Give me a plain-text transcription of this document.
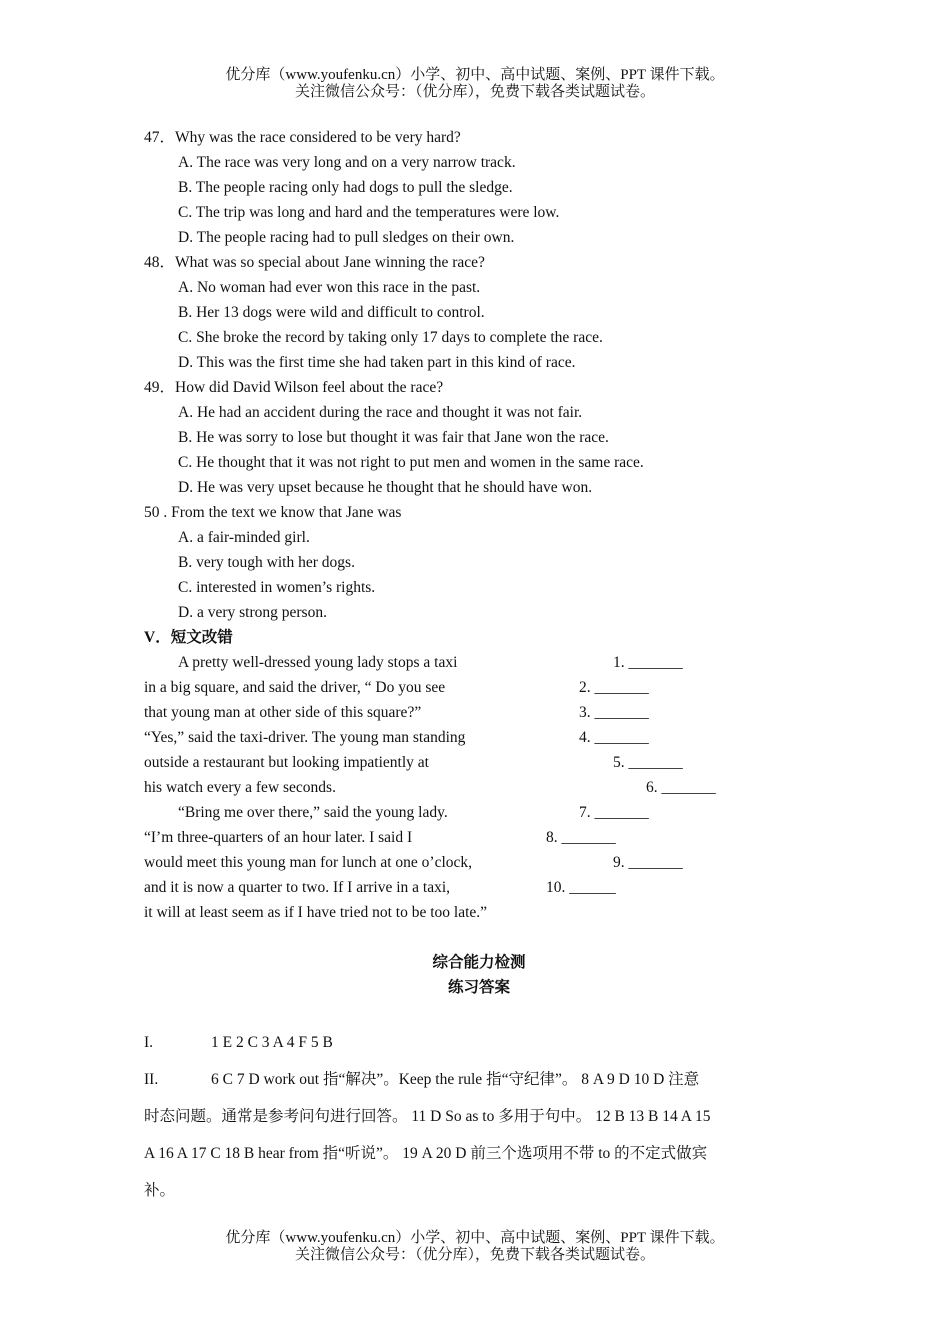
优分库（www.youfenku.cn）小学、初中、高中试题、案例、PPT 课件下载。
关注微信公众号：（优分库），免费下载各类试题试卷。
47．Why was the race considered to be very hard?
A. The race was very long and on a very narrow track.
B. The people racing only had dogs to pull the sledge.
C. The trip was long and hard and the temperatures were low.
D. The people racing had to pull sledges on their own.
48．What was so special about Jane winning the race?
A. No woman had ever won this race in the past.
B. Her 13 dogs were wild and difficult to control.
C. She broke the record by taking only 17 days to complete the race.
D. This was the first time she had taken part in this kind of race.
49．How did David Wilson feel about the race?
A. He had an accident during the race and thought it was not fair.
B. He was sorry to lose but thought it was fair that Jane won the race.
C. He thought that it was not right to put men and women in the same race.
D. He was very upset because he thought that he should have won.
50 . From the text we know that Jane was
A. a fair-minded girl.
B. very tough with her dogs.
C. interested in women’s rights.
D. a very strong person.
V．短文改错
A pretty well-dressed young lady stops a taxi	1. _______
in a big square, and said the driver, “ Do you see	2. _______
that young man at other side of this square?”	3. _______
“Yes,” said the taxi-driver. The young man standing	4. _______
outside a restaurant but looking impatiently at	5. _______
his watch every a few seconds.	6. _______
“Bring me over there,” said the young lady.	7. _______
“I’m three-quarters of an hour later. I said I	8. _______
would meet this young man for lunch at one o’clock,	9. _______
and it is now a quarter to two. If I arrive in a taxi,	10. ______
it will at least seem as if I have tried not to be too late.”
综合能力检测
练习答案
I.	1 E 2 C 3 A 4 F 5 B
II.	6 C 7 D work out 指“解决”。Keep the rule 指“守纪律”。 8 A 9 D 10 D 注意
时态问题。通常是参考问句进行回答。 11 D So as to 多用于句中。 12 B 13 B 14 A 15
A 16 A 17 C 18 B hear from 指“听说”。 19 A 20 D 前三个选项用不带 to 的不定式做宾
补。
优分库（www.youfenku.cn）小学、初中、高中试题、案例、PPT 课件下载。
关注微信公众号：（优分库），免费下载各类试题试卷。
